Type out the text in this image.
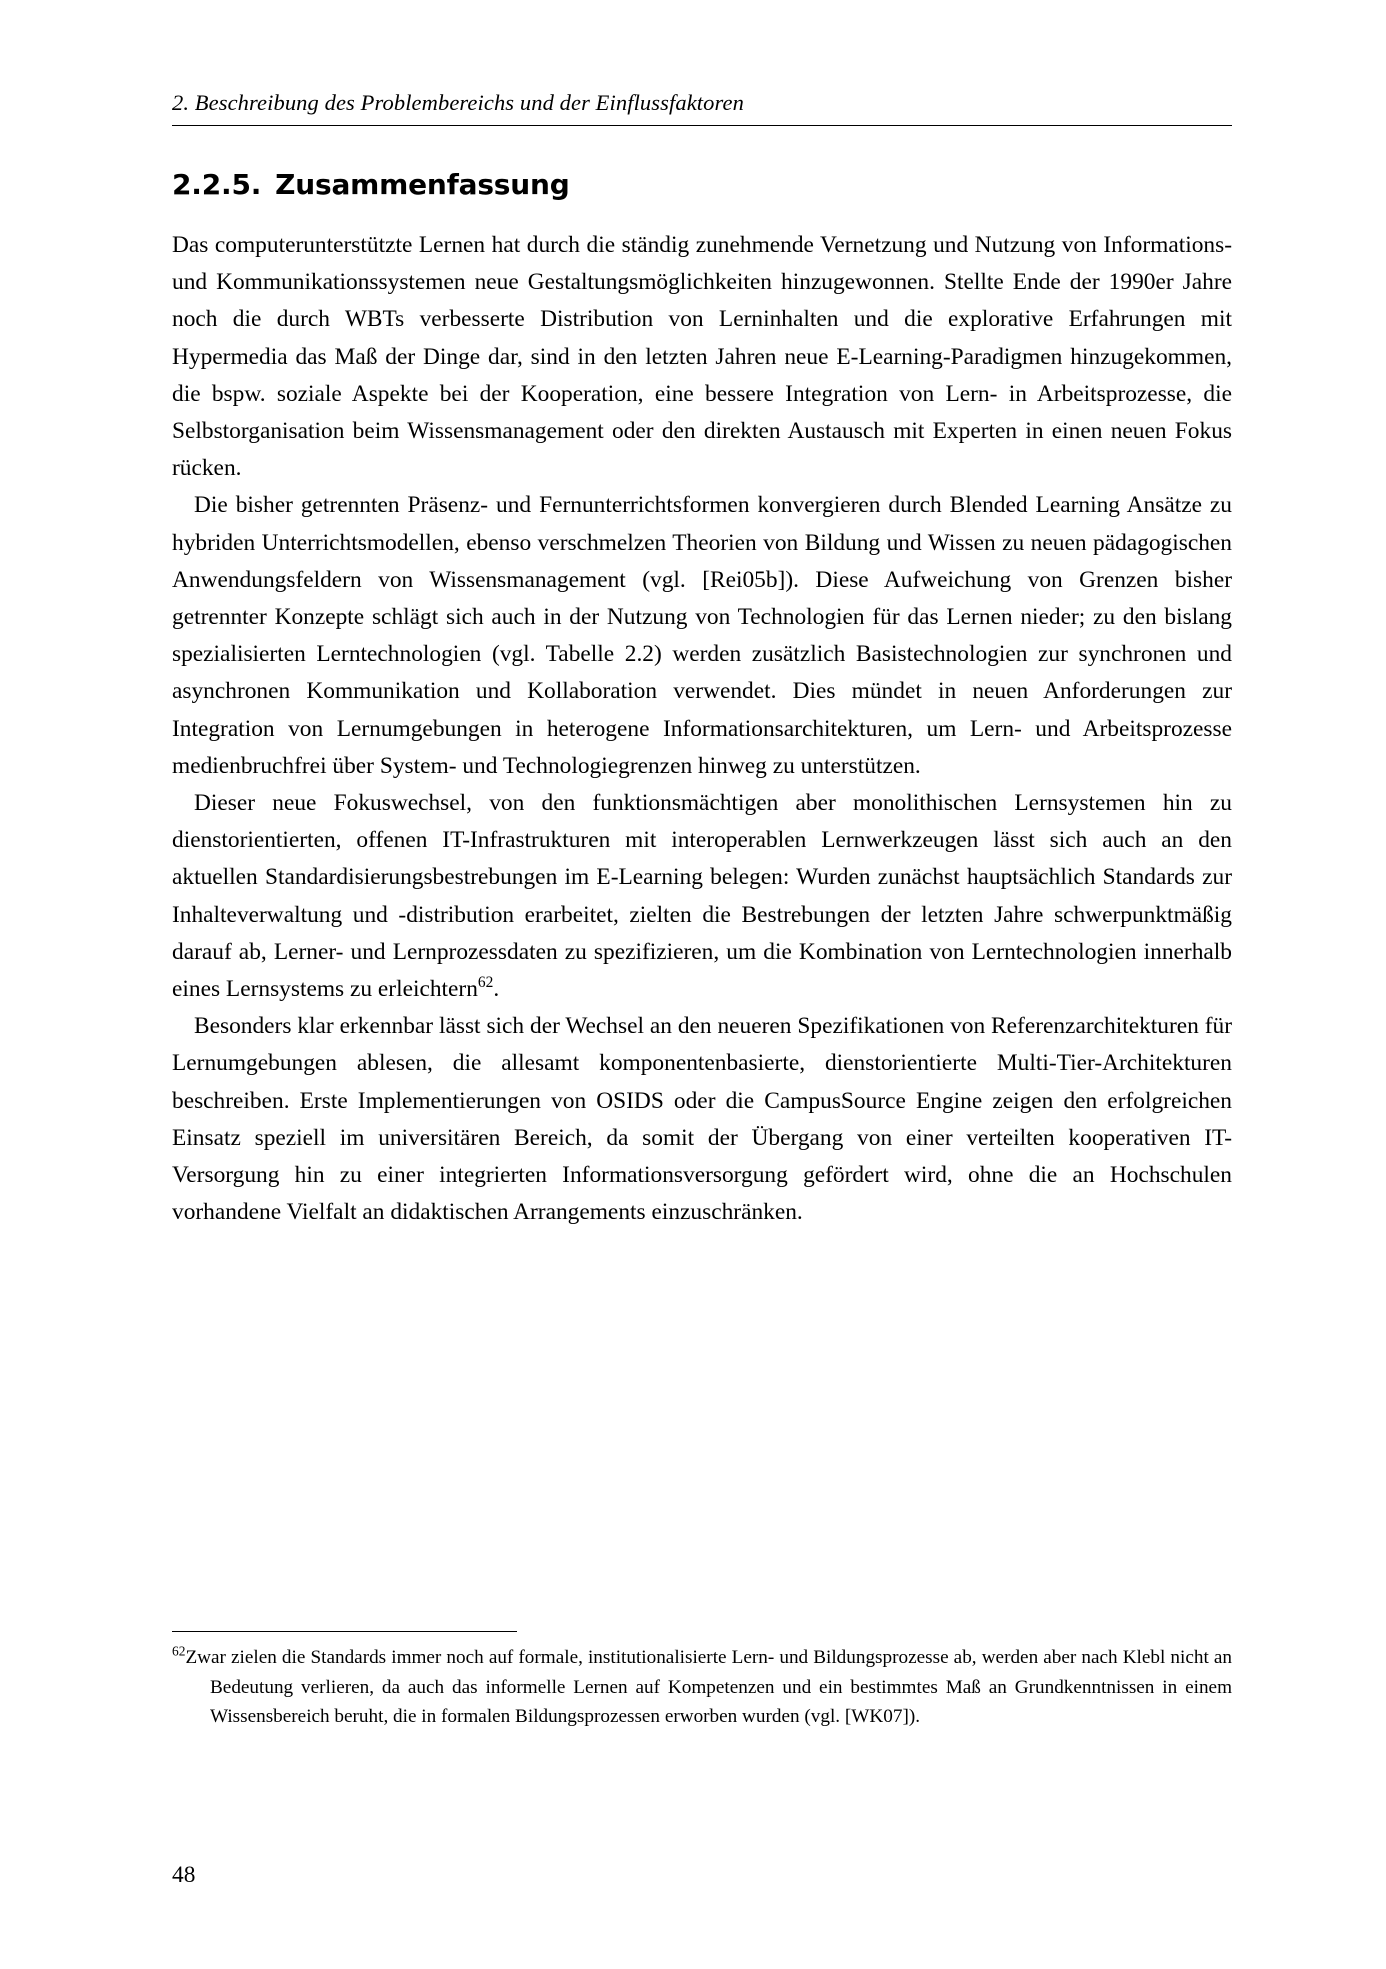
2. Beschreibung des Problembereichs und der Einflussfaktoren
2.2.5. Zusammenfassung

Das computerunterstützte Lernen hat durch die ständig zunehmende Vernetzung und Nutzung von Informations- und Kommunikationssystemen neue Gestaltungsmöglichkeiten hinzugewonnen. Stellte Ende der 1990er Jahre noch die durch WBTs verbesserte Distribution von Lerninhalten und die explorative Erfahrungen mit Hypermedia das Maß der Dinge dar, sind in den letzten Jahren neue E-Learning-Paradigmen hinzugekommen, die bspw. soziale Aspekte bei der Kooperation, eine bessere Integration von Lern- in Arbeitsprozesse, die Selbstorganisation beim Wissensmanagement oder den direkten Austausch mit Experten in einen neuen Fokus rücken.

Die bisher getrennten Präsenz- und Fernunterrichtsformen konvergieren durch Blended Learning Ansätze zu hybriden Unterrichtsmodellen, ebenso verschmelzen Theorien von Bildung und Wissen zu neuen pädagogischen Anwendungsfeldern von Wissensmanagement (vgl. [Rei05b]). Diese Aufweichung von Grenzen bisher getrennter Konzepte schlägt sich auch in der Nutzung von Technologien für das Lernen nieder; zu den bislang spezialisierten Lerntechnologien (vgl. Tabelle 2.2) werden zusätzlich Basistechnologien zur synchronen und asynchronen Kommunikation und Kollaboration verwendet. Dies mündet in neuen Anforderungen zur Integration von Lernumgebungen in heterogene Informationsarchitekturen, um Lern- und Arbeitsprozesse medienbruchfrei über System- und Technologiegrenzen hinweg zu unterstützen.

Dieser neue Fokuswechsel, von den funktionsmächtigen aber monolithischen Lernsystemen hin zu dienstorientierten, offenen IT-Infrastrukturen mit interoperablen Lernwerkzeugen lässt sich auch an den aktuellen Standardisierungsbestrebungen im E-Learning belegen: Wurden zunächst hauptsächlich Standards zur Inhalteverwaltung und -distribution erarbeitet, zielten die Bestrebungen der letzten Jahre schwerpunktmäßig darauf ab, Lerner- und Lernprozessdaten zu spezifizieren, um die Kombination von Lerntechnologien innerhalb eines Lernsystems zu erleichtern$^{62}$.

Besonders klar erkennbar lässt sich der Wechsel an den neueren Spezifikationen von Referenzarchitekturen für Lernumgebungen ablesen, die allesamt komponentenbasierte, dienstorientierte Multi-Tier-Architekturen beschreiben. Erste Implementierungen von OSIDS oder die CampusSource Engine zeigen den erfolgreichen Einsatz speziell im universitären Bereich, da somit der Übergang von einer verteilten kooperativen IT-Versorgung hin zu einer integrierten Informationsversorgung gefördert wird, ohne die an Hochschulen vorhandene Vielfalt an didaktischen Arrangements einzuschränken.

$^{62}$Zwar zielen die Standards immer noch auf formale, institutionalisierte Lern- und Bildungsprozesse ab, werden aber nach Klebl nicht an Bedeutung verlieren, da auch das informelle Lernen auf Kompetenzen und ein bestimmtes Maß an Grundkenntnissen in einem Wissensbereich beruht, die in formalen Bildungsprozessen erworben wurden (vgl. [WK07]).

48
